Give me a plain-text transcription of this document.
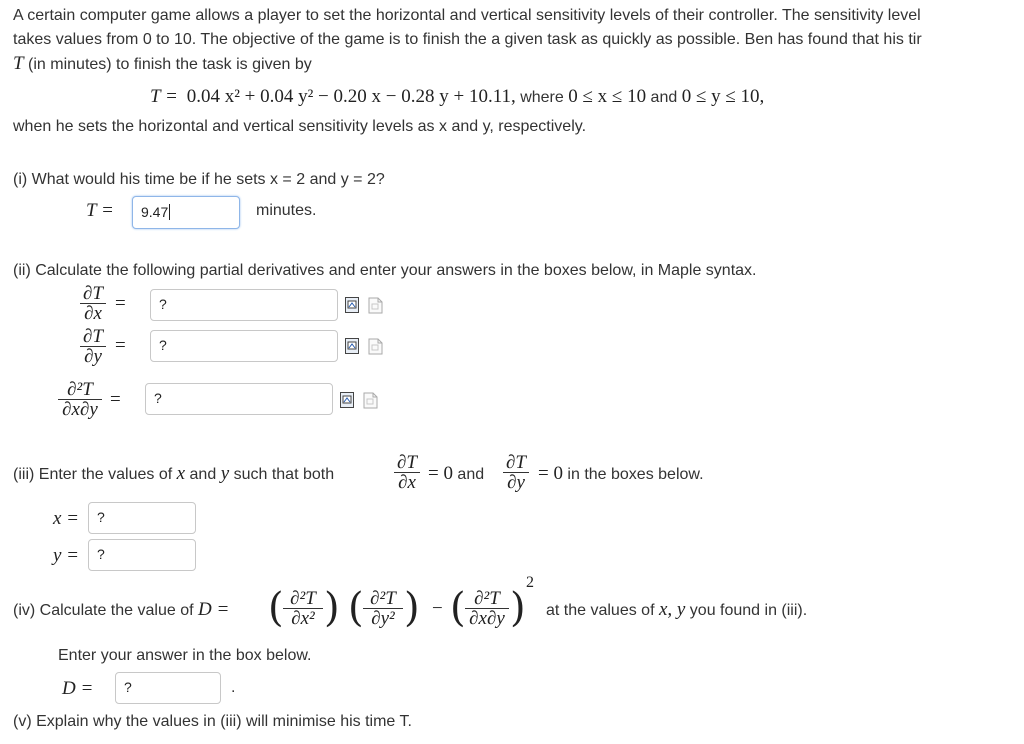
A certain computer game allows a player to set the horizontal and vertical sensitivity levels of their controller. The sensitivity level
takes values from 0 to 10. The objective of the game is to finish the a given task as quickly as possible. Ben has found that his tir
T (in minutes) to finish the task is given by
T = 0.04 x² + 0.04 y² − 0.20 x − 0.28 y + 10.11, where 0 ≤ x ≤ 10 and 0 ≤ y ≤ 10,
when he sets the horizontal and vertical sensitivity levels as x and y, respectively.
(i) What would his time be if he sets x = 2 and y = 2?
T =	9.47	minutes.
(ii) Calculate the following partial derivatives and enter your answers in the boxes below, in Maple syntax.
$\frac{\partial T}{\partial x}$ =	?
$\frac{\partial T}{\partial y}$ =	?
$\frac{\text{∂²T}}{\partial x\partial y}$ =	?
(iii) Enter the values of x and y such that both	$\frac{\partial T}{\partial x} = 0$ and $\frac{\partial T}{\partial y} = 0$ in the boxes below.
x =	?
y =	?
(iv) Calculate the value of D = ( $\frac{\text{∂²T}}{\text{∂x²}}$ ) ( $\frac{\text{∂²T}}{\text{∂y²}}$ ) − ( $\frac{\text{∂²T}}{\partial x\partial y}$ )
2
at the values of x, y you found in (iii).
Enter your answer in the box below.
D =	?	.
(v) Explain why the values in (iii) will minimise his time T.
